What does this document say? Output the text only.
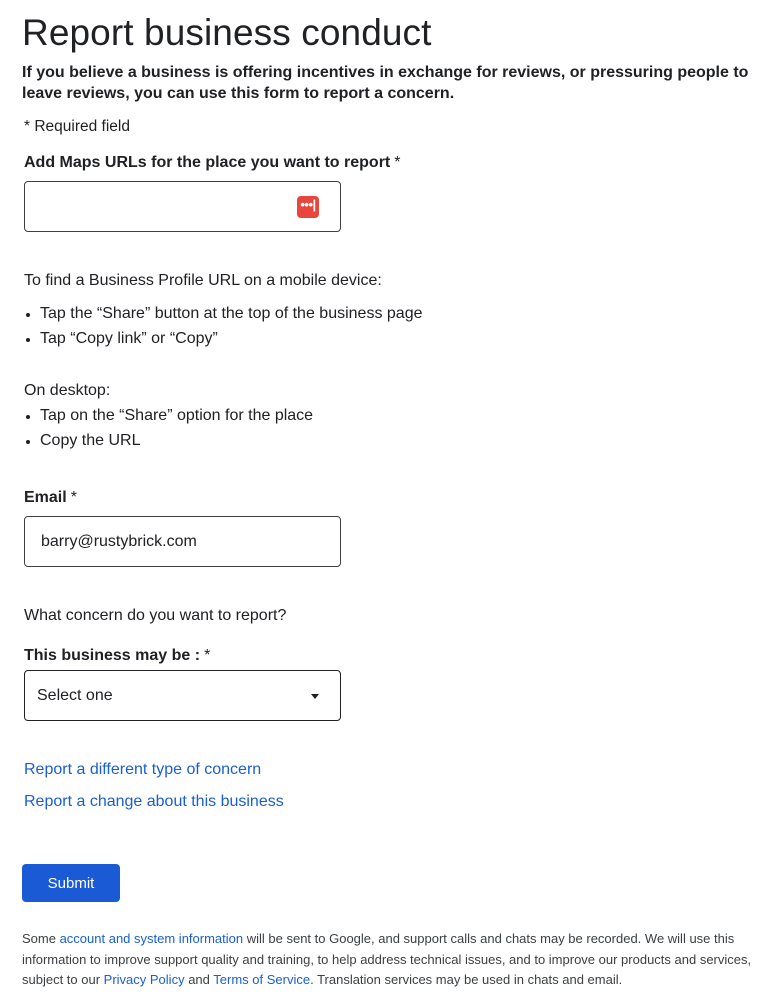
Report business conduct

If you believe a business is offering incentives in exchange for reviews, or pressuring people to leave reviews, you can use this form to report a concern.

* Required field
Add Maps URLs for the place you want to report *
•••|
To find a Business Profile URL on a mobile device:
Tap the “Share” button at the top of the business page
Tap “Copy link” or “Copy”
On desktop:
Tap on the “Share” option for the place
Copy the URL
Email *
barry@rustybrick.com
What concern do you want to report?
This business may be : *
Select one
Report a different type of concern
Report a change about this business
Submit

Some account and system information will be sent to Google, and support calls and chats may be recorded. We will use this information to improve support quality and training, to help address technical issues, and to improve our products and services, subject to our Privacy Policy and Terms of Service. Translation services may be used in chats and email.
